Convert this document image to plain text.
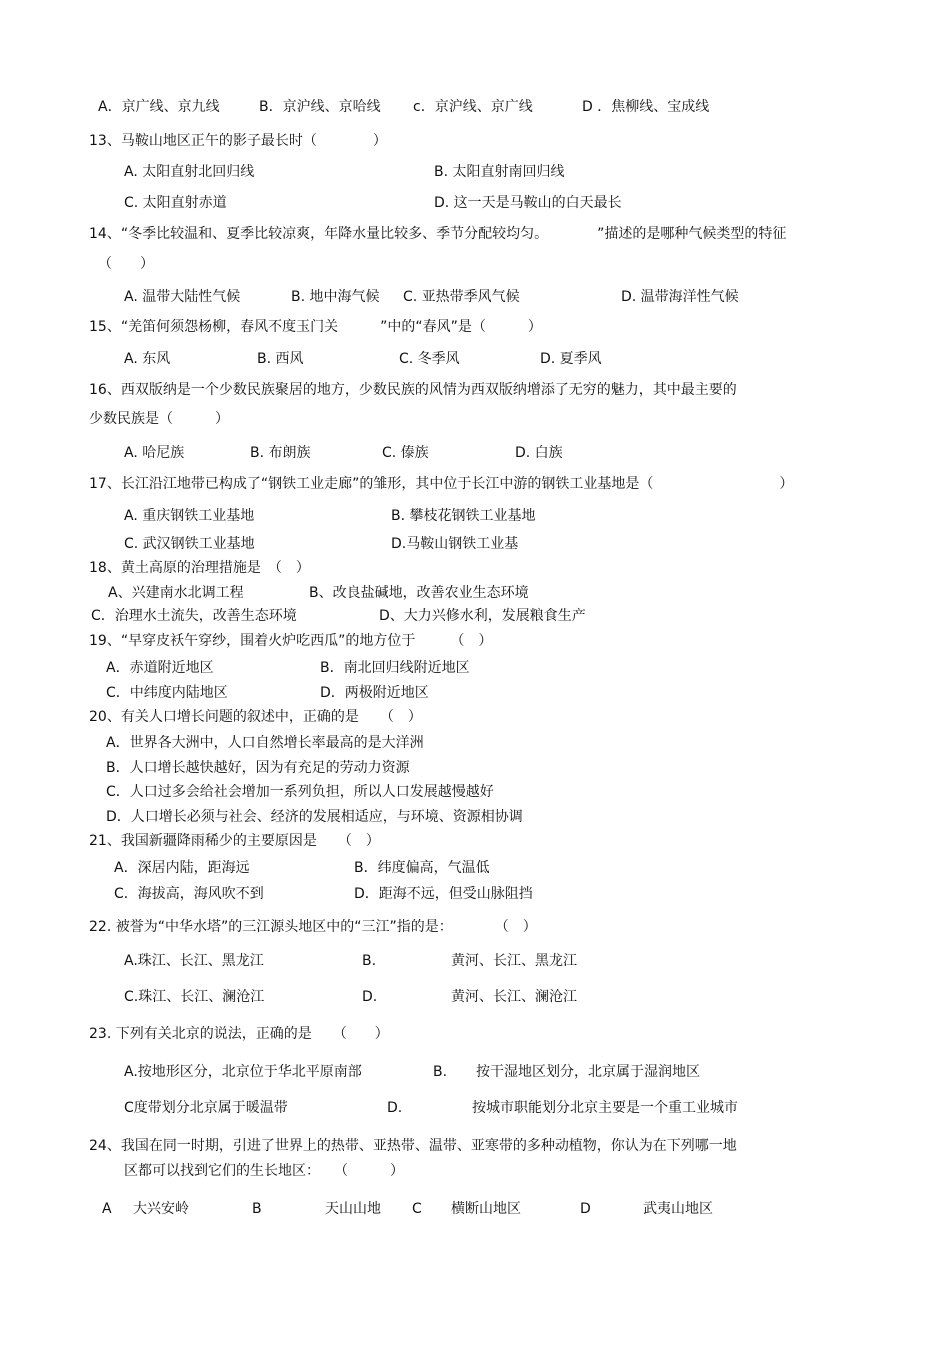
A．京广线、京九线	B．京沪线、京哈线 c．京沪线、京广线	D ．焦柳线、宝成线
13、马鞍山地区正午的影子最长时（　　　　）
A. 太阳直射北回归线	B. 太阳直射南回归线
C. 太阳直射赤道	D. 这一天是马鞍山的白天最长
14、“冬季比较温和、夏季比较凉爽，年降水量比较多、季节分配较均匀。　　　　”描述的是哪种气候类型的特征
（　　）
A. 温带大陆性气候	B. 地中海气候 C. 亚热带季风气候	D. 温带海洋性气候
15、“羌笛何须怨杨柳，春风不度玉门关　　　”中的“春风”是（　　　）
A. 东风	B. 西风	C. 冬季风	D. 夏季风
16、西双版纳是一个少数民族聚居的地方，少数民族的风情为西双版纳增添了无穷的魅力，其中最主要的
少数民族是（　　　）
A. 哈尼族	B. 布朗族	C. 傣族	D. 白族
17、长江沿江地带已构成了“钢铁工业走廊”的雏形，其中位于长江中游的钢铁工业基地是（　　　　　　　　　）
A. 重庆钢铁工业基地	B. 攀枝花钢铁工业基地
C. 武汉钢铁工业基地	D.马鞍山钢铁工业基
18、黄土高原的治理措施是　（　）
A、兴建南水北调工程	B、改良盐碱地，改善农业生态环境
C．治理水土流失，改善生态环境	D、大力兴修水利，发展粮食生产
19、“早穿皮袄午穿纱，围着火炉吃西瓜”的地方位于　　　（　）
A．赤道附近地区	B．南北回归线附近地区
C．中纬度内陆地区	D．两极附近地区
20、有关人口增长问题的叙述中，正确的是　　（　）
A．世界各大洲中，人口自然增长率最高的是大洋洲
B．人口增长越快越好，因为有充足的劳动力资源
C．人口过多会给社会增加一系列负担，所以人口发展越慢越好
D．人口增长必须与社会、经济的发展相适应，与环境、资源相协调
21、我国新疆降雨稀少的主要原因是　　（　）
A．深居内陆，距海远	B．纬度偏高，气温低
C．海拔高，海风吹不到	D．距海不远，但受山脉阻挡
22. 被誉为“中华水塔”的三江源头地区中的“三江”指的是：　　　　（　）
A.珠江、长江、黑龙江	B.	黄河、长江、黑龙江
C.珠江、长江、澜沧江	D.	黄河、长江、澜沧江
23. 下列有关北京的说法，正确的是　　（　　）
A.按地形区分，北京位于华北平原南部	B. 按干湿地区划分，北京属于湿润地区
C度带划分北京属于暖温带	D.	按城市职能划分北京主要是一个重工业城市
24、我国在同一时期，引进了世界上的热带、亚热带、温带、亚寒带的多种动植物，你认为在下列哪一地
区都可以找到它们的生长地区：　　（　　　）
A 大兴安岭	B	天山山地 C 横断山地区	D	武夷山地区
